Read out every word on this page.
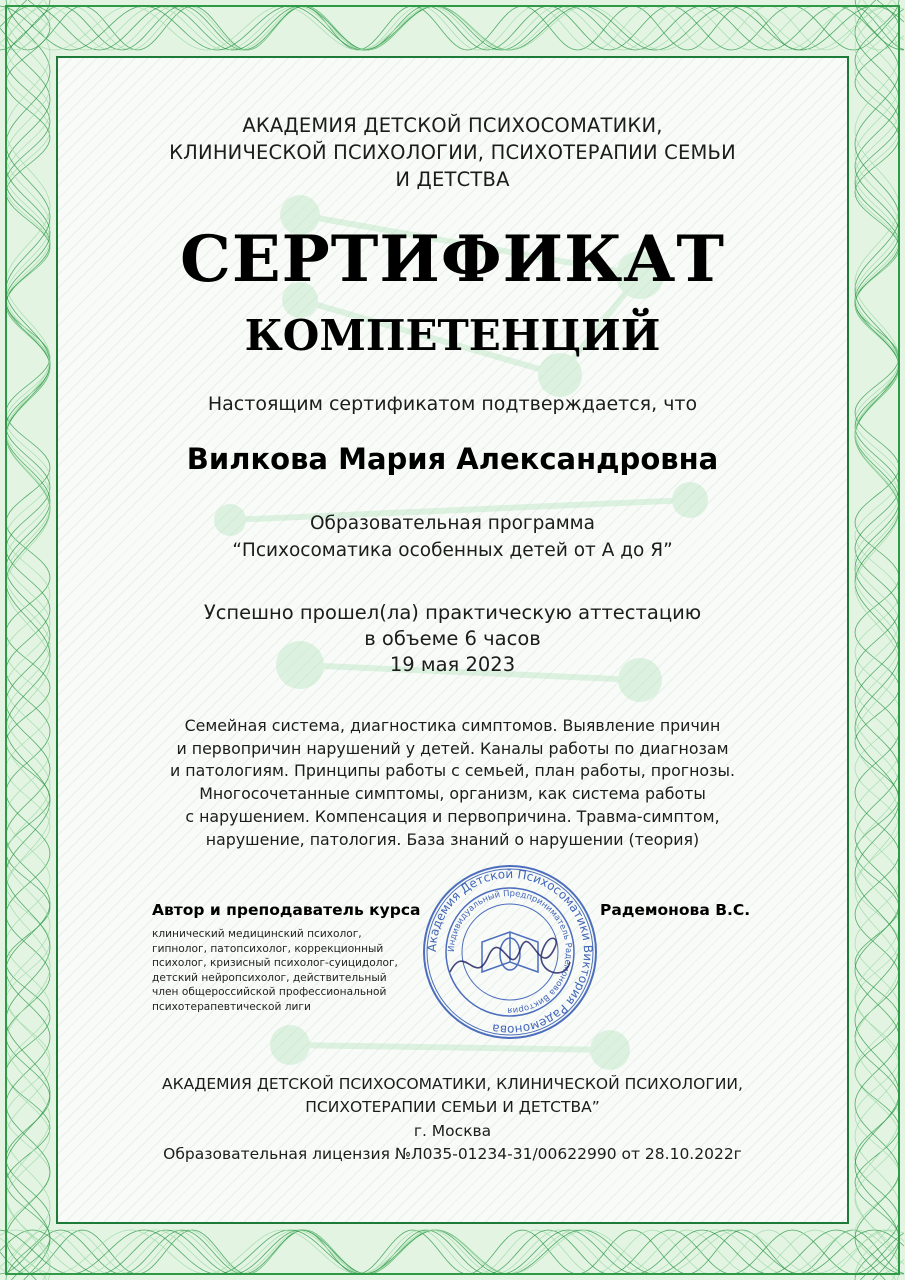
АКАДЕМИЯ ДЕТСКОЙ ПСИХОСОМАТИКИ,
КЛИНИЧЕСКОЙ ПСИХОЛОГИИ, ПСИХОТЕРАПИИ СЕМЬИ
И ДЕТСТВА
СЕРТИФИКАТ
КОМПЕТЕНЦИЙ
Настоящим сертификатом подтверждается, что
Вилкова Мария Александровна
Образовательная программа
“Психосоматика особенных детей от А до Я”
Успешно прошел(ла) практическую аттестацию
в объеме 6 часов
19 мая 2023
Семейная система, диагностика симптомов. Выявление причин
и первопричин нарушений у детей. Каналы работы по диагнозам
и патологиям. Принципы работы с семьей, план работы, прогнозы.
Многосочетанные симптомы, организм, как система работы
с нарушением. Компенсация и первопричина. Травма-симптом,
нарушение, патология. База знаний о нарушении (теория)
Автор и преподаватель курса
клинический медицинский психолог,
гипнолог, патопсихолог, коррекционный
психолог, кризисный психолог-суицидолог,
детский нейропсихолог, действительный
член общероссийской профессиональной
психотерапевтической лиги
Академия Детской Психосоматики Виктория Радемонова
Индивидуальный Предприниматель Радемонова Виктория
Радемонова В.С.
АКАДЕМИЯ ДЕТСКОЙ ПСИХОСОМАТИКИ, КЛИНИЧЕСКОЙ ПСИХОЛОГИИ,
ПСИХОТЕРАПИИ СЕМЬИ И ДЕТСТВА”
г. Москва
Образовательная лицензия №Л035-01234-31/00622990 от 28.10.2022г
